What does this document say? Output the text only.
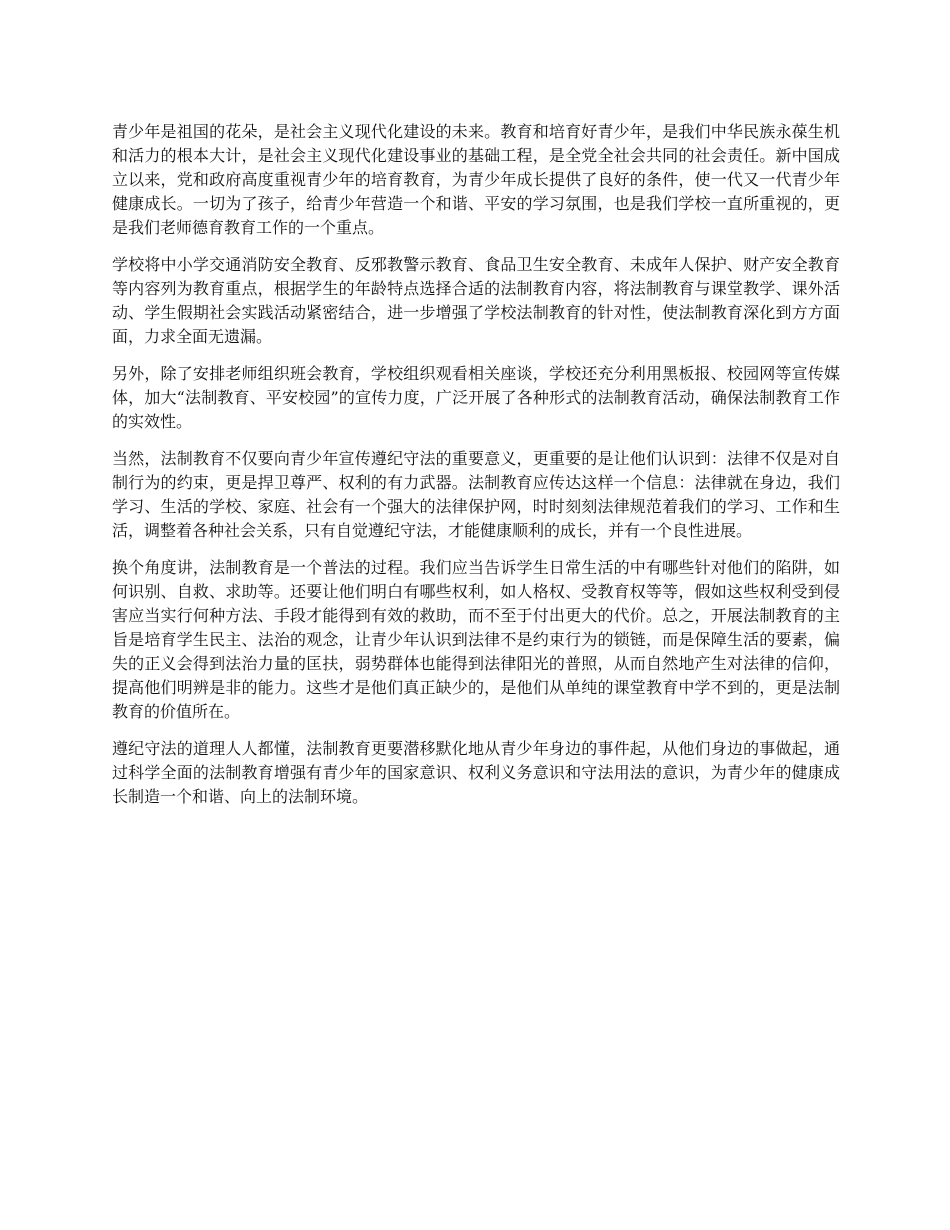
青少年是祖国的花朵，是社会主义现代化建设的未来。教育和培育好青少年，是我们中华民族永葆生机和活力的根本大计，是社会主义现代化建设事业的基础工程，是全党全社会共同的社会责任。新中国成立以来，党和政府高度重视青少年的培育教育，为青少年成长提供了良好的条件，使一代又一代青少年健康成长。一切为了孩子，给青少年营造一个和谐、平安的学习氛围，也是我们学校一直所重视的，更是我们老师德育教育工作的一个重点。

学校将中小学交通消防安全教育、反邪教警示教育、食品卫生安全教育、未成年人保护、财产安全教育等内容列为教育重点，根据学生的年龄特点选择合适的法制教育内容，将法制教育与课堂教学、课外活动、学生假期社会实践活动紧密结合，进一步增强了学校法制教育的针对性，使法制教育深化到方方面面，力求全面无遗漏。

另外，除了安排老师组织班会教育，学校组织观看相关座谈，学校还充分利用黑板报、校园网等宣传媒体，加大“法制教育、平安校园”的宣传力度，广泛开展了各种形式的法制教育活动，确保法制教育工作的实效性。

当然，法制教育不仅要向青少年宣传遵纪守法的重要意义，更重要的是让他们认识到：法律不仅是对自制行为的约束，更是捍卫尊严、权利的有力武器。法制教育应传达这样一个信息：法律就在身边，我们学习、生活的学校、家庭、社会有一个强大的法律保护网，时时刻刻法律规范着我们的学习、工作和生活，调整着各种社会关系，只有自觉遵纪守法，才能健康顺利的成长，并有一个良性进展。

换个角度讲，法制教育是一个普法的过程。我们应当告诉学生日常生活的中有哪些针对他们的陷阱，如何识别、自救、求助等。还要让他们明白有哪些权利，如人格权、受教育权等等，假如这些权利受到侵害应当实行何种方法、手段才能得到有效的救助，而不至于付出更大的代价。总之，开展法制教育的主旨是培育学生民主、法治的观念，让青少年认识到法律不是约束行为的锁链，而是保障生活的要素，偏失的正义会得到法治力量的匡扶，弱势群体也能得到法律阳光的普照，从而自然地产生对法律的信仰，提高他们明辨是非的能力。这些才是他们真正缺少的，是他们从单纯的课堂教育中学不到的，更是法制教育的价值所在。

遵纪守法的道理人人都懂，法制教育更要潜移默化地从青少年身边的事件起，从他们身边的事做起，通过科学全面的法制教育增强有青少年的国家意识、权利义务意识和守法用法的意识，为青少年的健康成长制造一个和谐、向上的法制环境。
